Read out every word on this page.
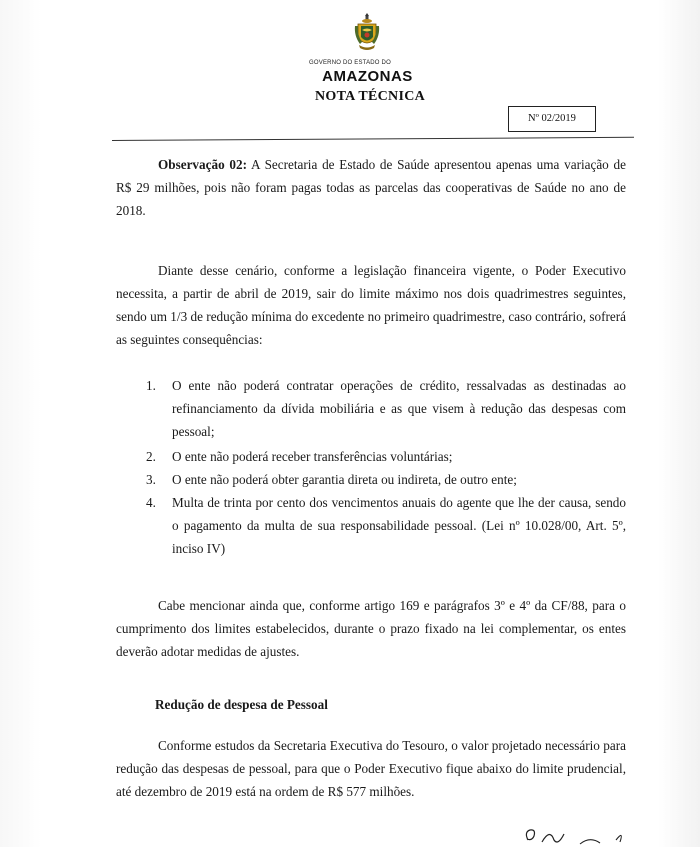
GOVERNO DO ESTADO DO
AMAZONAS
NOTA TÉCNICA
Nº 02/2019

Observação 02: A Secretaria de Estado de Saúde apresentou apenas uma variação de R$ 29 milhões, pois não foram pagas todas as parcelas das cooperativas de Saúde no ano de 2018.

Diante desse cenário, conforme a legislação financeira vigente, o Poder Executivo necessita, a partir de abril de 2019, sair do limite máximo nos dois quadrimestres seguintes, sendo um 1/3 de redução mínima do excedente no primeiro quadrimestre, caso contrário, sofrerá as seguintes consequências:

1. O ente não poderá contratar operações de crédito, ressalvadas as destinadas ao refinanciamento da dívida mobiliária e as que visem à redução das despesas com pessoal;
2. O ente não poderá receber transferências voluntárias;
3. O ente não poderá obter garantia direta ou indireta, de outro ente;
4. Multa de trinta por cento dos vencimentos anuais do agente que lhe der causa, sendo o pagamento da multa de sua responsabilidade pessoal. (Lei nº 10.028/00, Art. 5º, inciso IV)

Cabe mencionar ainda que, conforme artigo 169 e parágrafos 3º e 4º da CF/88, para o cumprimento dos limites estabelecidos, durante o prazo fixado na lei complementar, os entes deverão adotar medidas de ajustes.

Redução de despesa de Pessoal

Conforme estudos da Secretaria Executiva do Tesouro, o valor projetado necessário para redução das despesas de pessoal, para que o Poder Executivo fique abaixo do limite prudencial, até dezembro de 2019 está na ordem de R$ 577 milhões.
